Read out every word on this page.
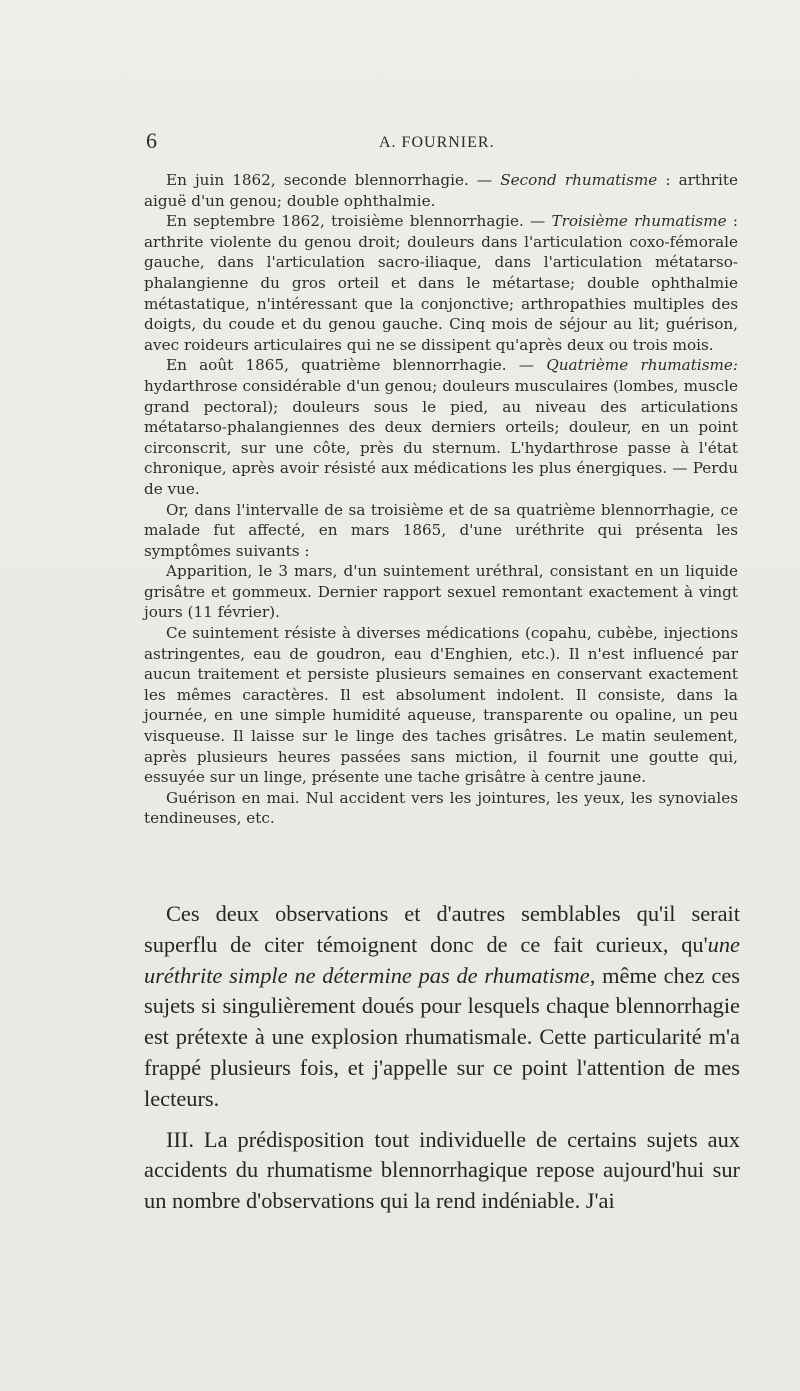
6	A. FOURNIER.

En juin 1862, seconde blennorrhagie. — Second rhumatisme : arthrite aiguë d'un genou; double ophthalmie.

En septembre 1862, troisième blennorrhagie. — Troisième rhumatisme : arthrite violente du genou droit; douleurs dans l'articulation coxo-fémorale gauche, dans l'articulation sacro-iliaque, dans l'articulation métatarso-phalangienne du gros orteil et dans le métartase; double ophthalmie métastatique, n'intéressant que la conjonctive; arthropathies multiples des doigts, du coude et du genou gauche. Cinq mois de séjour au lit; guérison, avec roideurs articulaires qui ne se dissipent qu'après deux ou trois mois.

En août 1865, quatrième blennorrhagie. — Quatrième rhumatisme: hydarthrose considérable d'un genou; douleurs musculaires (lombes, muscle grand pectoral); douleurs sous le pied, au niveau des articulations métatarso-phalangiennes des deux derniers orteils; douleur, en un point circonscrit, sur une côte, près du sternum. L'hydarthrose passe à l'état chronique, après avoir résisté aux médications les plus énergiques. — Perdu de vue.

Or, dans l'intervalle de sa troisième et de sa quatrième blennorrhagie, ce malade fut affecté, en mars 1865, d'une uréthrite qui présenta les symptômes suivants :

Apparition, le 3 mars, d'un suintement uréthral, consistant en un liquide grisâtre et gommeux. Dernier rapport sexuel remontant exactement à vingt jours (11 février).

Ce suintement résiste à diverses médications (copahu, cubèbe, injections astringentes, eau de goudron, eau d'Enghien, etc.). Il n'est influencé par aucun traitement et persiste plusieurs semaines en conservant exactement les mêmes caractères. Il est absolument indolent. Il consiste, dans la journée, en une simple humidité aqueuse, transparente ou opaline, un peu visqueuse. Il laisse sur le linge des taches grisâtres. Le matin seulement, après plusieurs heures passées sans miction, il fournit une goutte qui, essuyée sur un linge, présente une tache grisâtre à centre jaune.

Guérison en mai. Nul accident vers les jointures, les yeux, les synoviales tendineuses, etc.

Ces deux observations et d'autres semblables qu'il serait superflu de citer témoignent donc de ce fait curieux, qu'une uréthrite simple ne détermine pas de rhumatisme, même chez ces sujets si singulièrement doués pour lesquels chaque blennorrhagie est prétexte à une explosion rhumatismale. Cette particularité m'a frappé plusieurs fois, et j'appelle sur ce point l'attention de mes lecteurs.

III. La prédisposition tout individuelle de certains sujets aux accidents du rhumatisme blennorrhagique repose aujourd'hui sur un nombre d'observations qui la rend indéniable. J'ai
